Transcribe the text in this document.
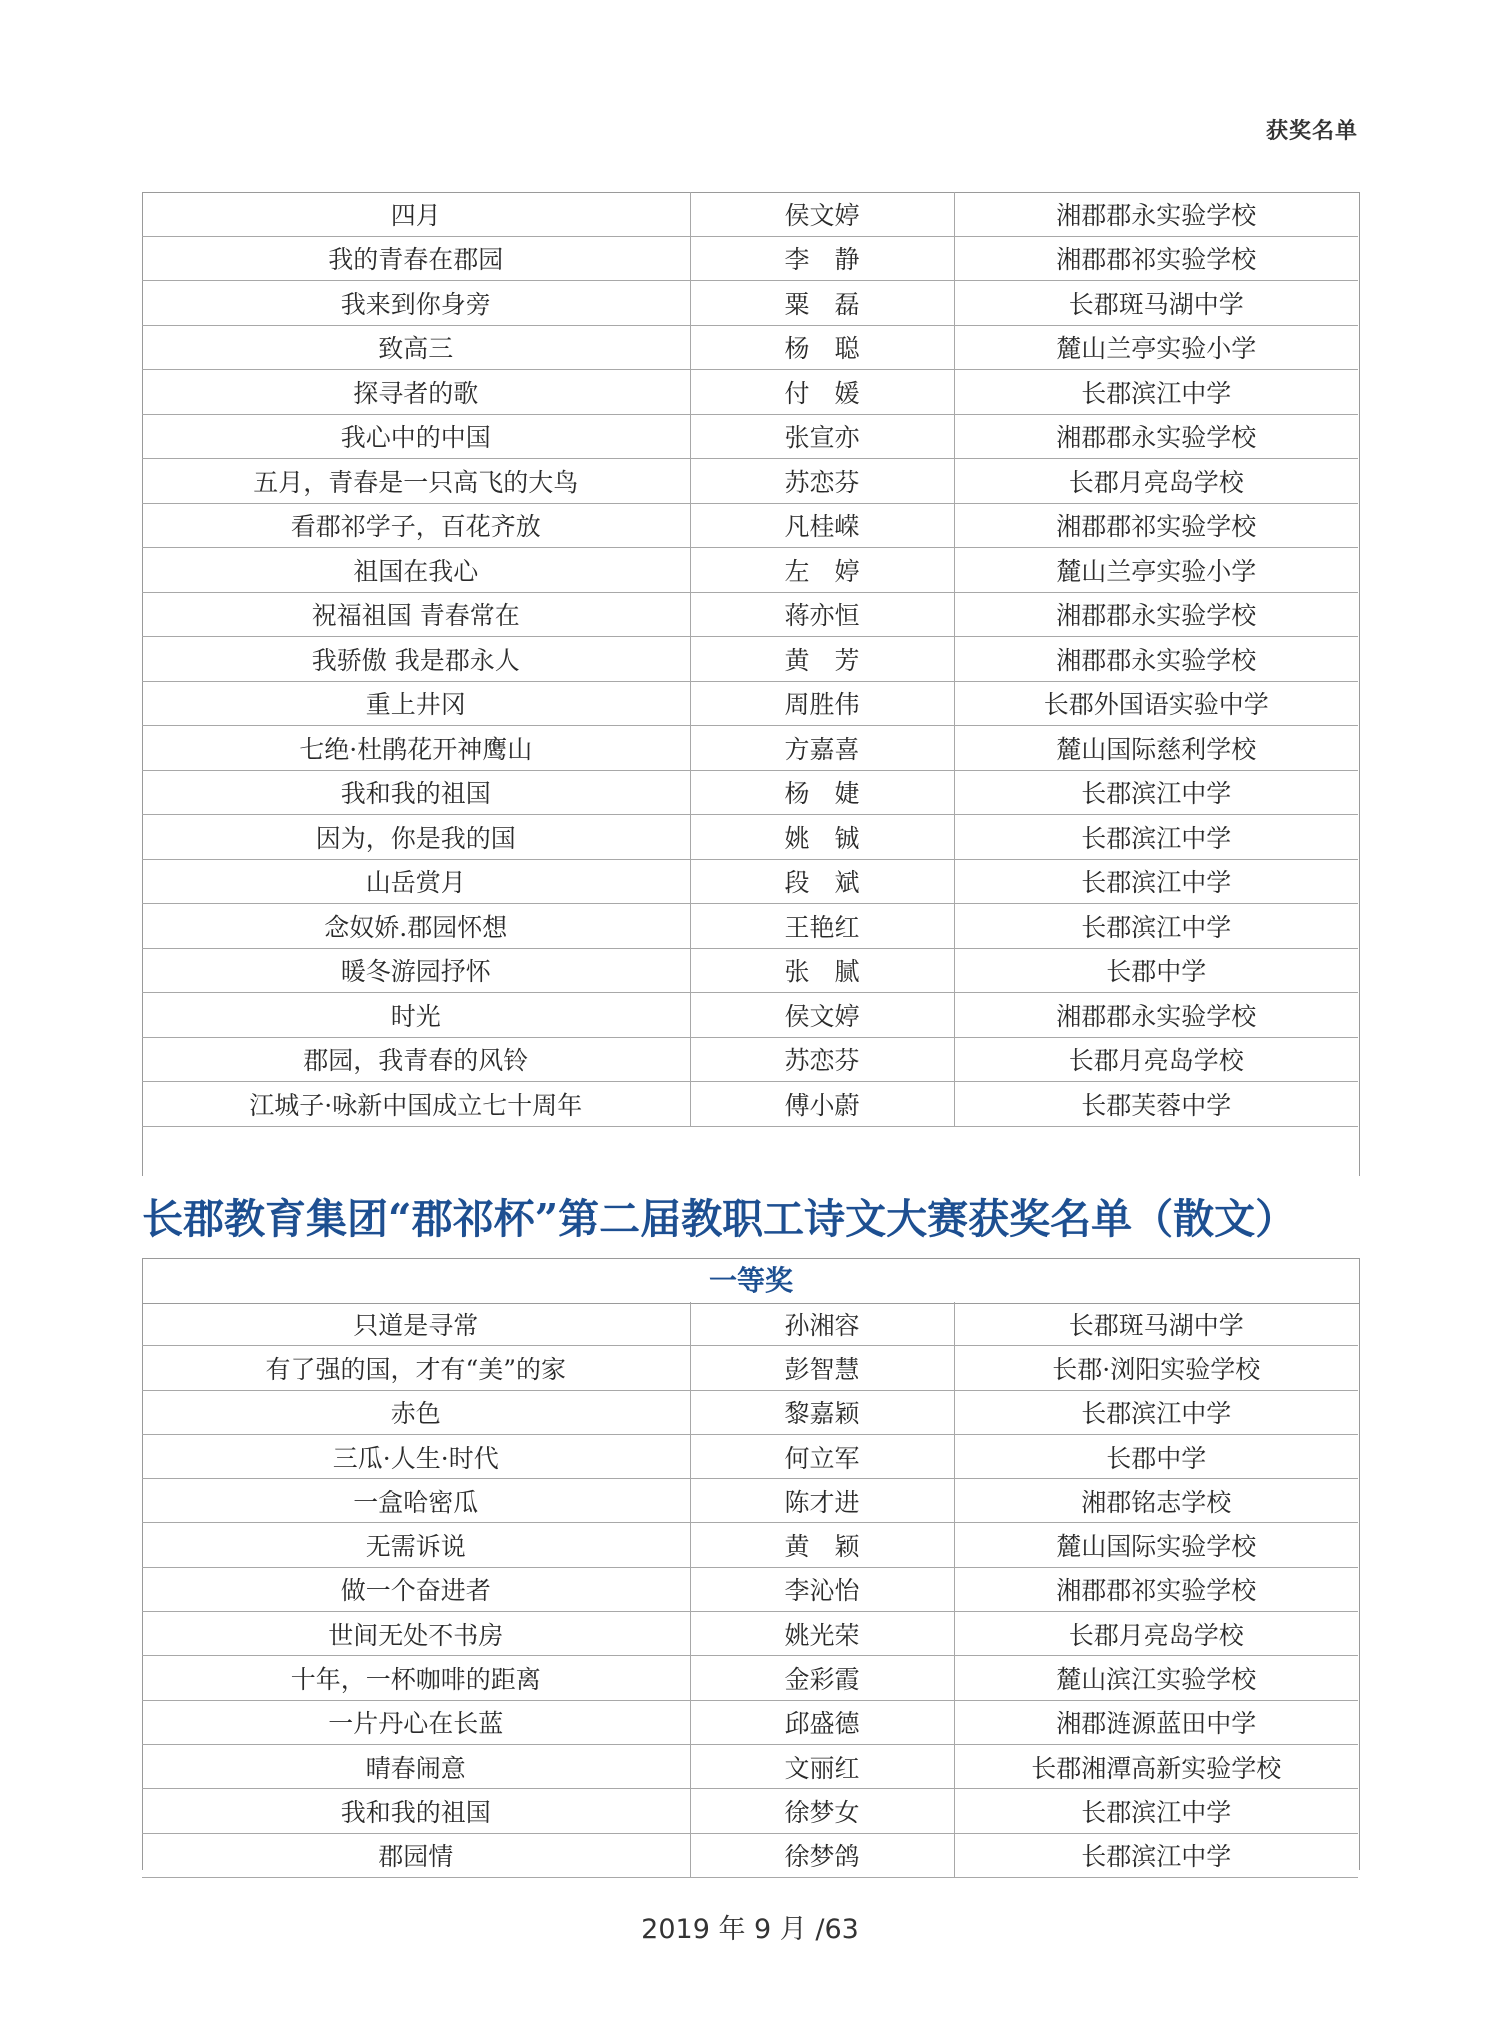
获奖名单
四月	侯文婷	湘郡郡永实验学校
我的青春在郡园	李　静	湘郡郡祁实验学校
我来到你身旁	粟　磊	长郡斑马湖中学
致高三	杨　聪	麓山兰亭实验小学
探寻者的歌	付　媛	长郡滨江中学
我心中的中国	张宣亦	湘郡郡永实验学校
五月，青春是一只高飞的大鸟	苏恋芬	长郡月亮岛学校
看郡祁学子，百花齐放	凡桂嵘	湘郡郡祁实验学校
祖国在我心	左　婷	麓山兰亭实验小学
祝福祖国 青春常在	蒋亦恒	湘郡郡永实验学校
我骄傲 我是郡永人	黄　芳	湘郡郡永实验学校
重上井冈	周胜伟	长郡外国语实验中学
七绝·杜鹃花开神鹰山	方嘉喜	麓山国际慈利学校
我和我的祖国	杨　婕	长郡滨江中学
因为，你是我的国	姚　铖	长郡滨江中学
山岳赏月	段　斌	长郡滨江中学
念奴娇.郡园怀想	王艳红	长郡滨江中学
暖冬游园抒怀	张　腻	长郡中学
时光	侯文婷	湘郡郡永实验学校
郡园，我青春的风铃	苏恋芬	长郡月亮岛学校
江城子·咏新中国成立七十周年	傅小蔚	长郡芙蓉中学
长郡教育集团“郡祁杯”第二届教职工诗文大赛获奖名单（散文）
一等奖
只道是寻常	孙湘容	长郡斑马湖中学
有了强的国，才有“美”的家	彭智慧	长郡·浏阳实验学校
赤色	黎嘉颖	长郡滨江中学
三瓜·人生·时代	何立军	长郡中学
一盒哈密瓜	陈才进	湘郡铭志学校
无需诉说	黄　颖	麓山国际实验学校
做一个奋进者	李沁怡	湘郡郡祁实验学校
世间无处不书房	姚光荣	长郡月亮岛学校
十年，一杯咖啡的距离	金彩霞	麓山滨江实验学校
一片丹心在长蓝	邱盛德	湘郡涟源蓝田中学
晴春闹意	文丽红	长郡湘潭高新实验学校
我和我的祖国	徐梦女	长郡滨江中学
郡园情	徐梦鸽	长郡滨江中学
2019 年 9 月 /63
